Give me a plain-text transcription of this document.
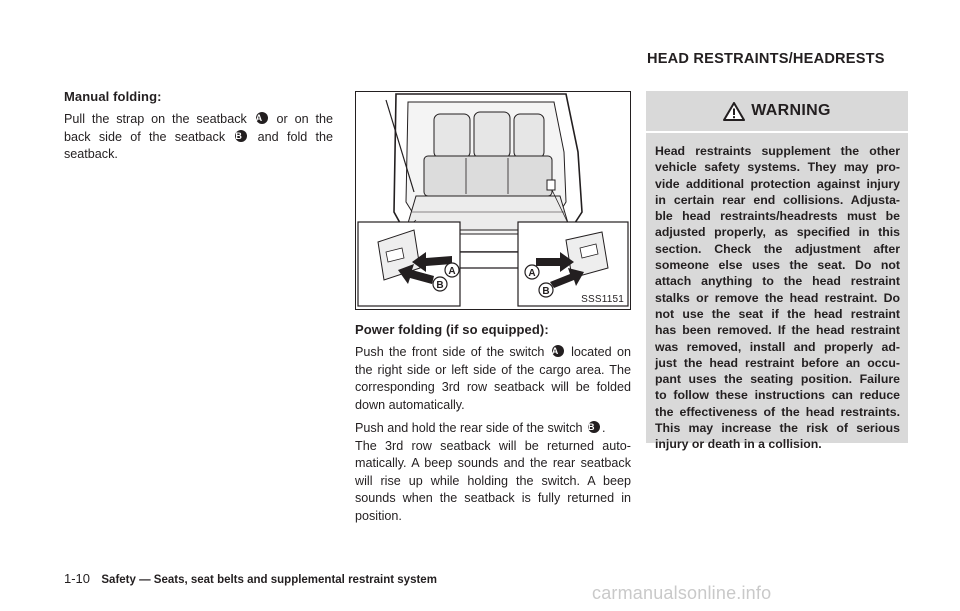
Manual folding:
Pull the strap on the seatback A or on the
back side of the seatback B and fold the
seatback.
B
A	A
B
SSS1151
Power folding (if so equipped):
Push the front side of the switch A located on
the right side or left side of the cargo area. The
corresponding 3rd row seatback will be folded
down automatically.
Push and hold the rear side of the switch B .
The 3rd row seatback will be returned auto-
matically. A beep sounds and the rear seatback
will rise up while holding the switch. A beep
sounds when the seatback is fully returned in
position.
HEAD RESTRAINTS/HEADRESTS
WARNING
Head restraints supplement the other
vehicle safety systems. They may pro-
vide additional protection against injury
in certain rear end collisions. Adjusta-
ble head restraints/headrests must be
adjusted properly, as specified in this
section. Check the adjustment after
someone else uses the seat. Do not
attach anything to the head restraint
stalks or remove the head restraint. Do
not use the seat if the head restraint
has been removed. If the head restraint
was removed, install and properly ad-
just the head restraint before an occu-
pant uses the seating position. Failure
to follow these instructions can reduce
the effectiveness of the head restraints.
This may increase the risk of serious
injury or death in a collision.
1-10 Safety — Seats, seat belts and supplemental restraint system
carmanualsonline.info
